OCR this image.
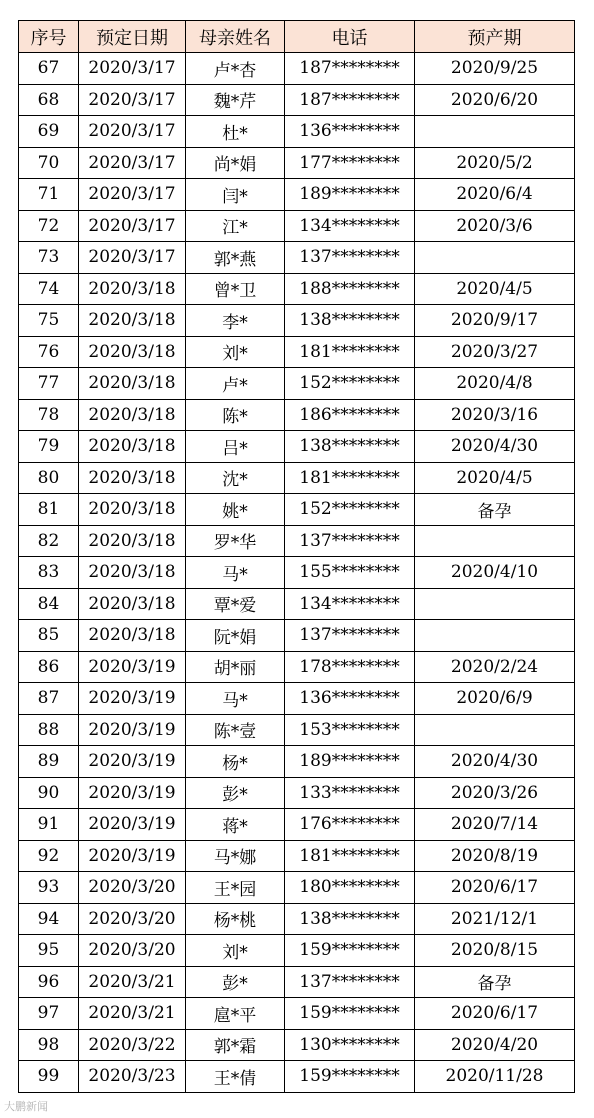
序号	预定日期	母亲姓名	电话	预产期
67	2020/3/17	卢*杏	187********	2020/9/25
68	2020/3/17	魏*芹	187********	2020/6/20
69	2020/3/17	杜*	136********	
70	2020/3/17	尚*娟	177********	2020/5/2
71	2020/3/17	闫*	189********	2020/6/4
72	2020/3/17	江*	134********	2020/3/6
73	2020/3/17	郭*燕	137********	
74	2020/3/18	曾*卫	188********	2020/4/5
75	2020/3/18	李*	138********	2020/9/17
76	2020/3/18	刘*	181********	2020/3/27
77	2020/3/18	卢*	152********	2020/4/8
78	2020/3/18	陈*	186********	2020/3/16
79	2020/3/18	吕*	138********	2020/4/30
80	2020/3/18	沈*	181********	2020/4/5
81	2020/3/18	姚*	152********	备孕
82	2020/3/18	罗*华	137********	
83	2020/3/18	马*	155********	2020/4/10
84	2020/3/18	覃*爱	134********	
85	2020/3/18	阮*娟	137********	
86	2020/3/19	胡*丽	178********	2020/2/24
87	2020/3/19	马*	136********	2020/6/9
88	2020/3/19	陈*壹	153********	
89	2020/3/19	杨*	189********	2020/4/30
90	2020/3/19	彭*	133********	2020/3/26
91	2020/3/19	蒋*	176********	2020/7/14
92	2020/3/19	马*娜	181********	2020/8/19
93	2020/3/20	王*园	180********	2020/6/17
94	2020/3/20	杨*桃	138********	2021/12/1
95	2020/3/20	刘*	159********	2020/8/15
96	2020/3/21	彭*	137********	备孕
97	2020/3/21	扈*平	159********	2020/6/17
98	2020/3/22	郭*霜	130********	2020/4/20
99	2020/3/23	王*倩	159********	2020/11/28
大鹏新闻
